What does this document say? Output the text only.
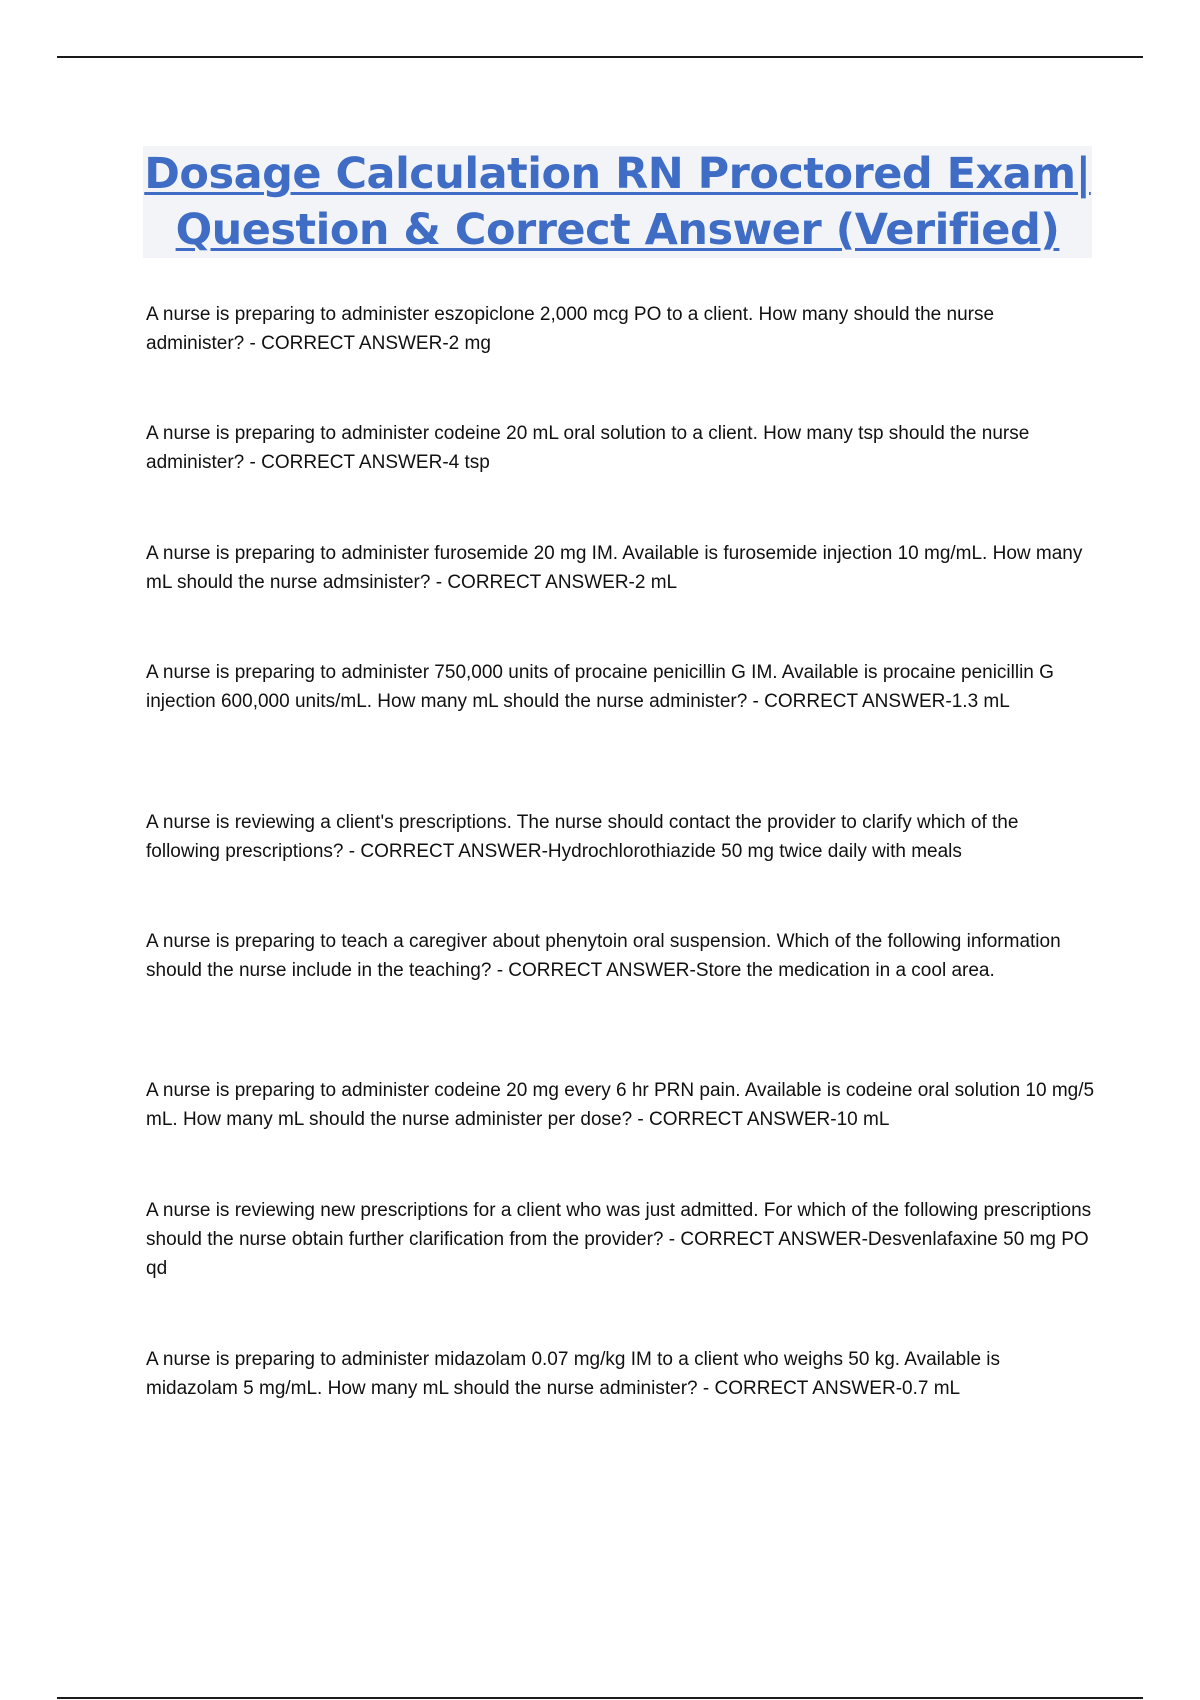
Dosage Calculation RN Proctored Exam|
Question & Correct Answer (Verified)

A nurse is preparing to administer eszopiclone 2,000 mcg PO to a client. How many should the nurse administer? - CORRECT ANSWER-2 mg

A nurse is preparing to administer codeine 20 mL oral solution to a client. How many tsp should the nurse administer? - CORRECT ANSWER-4 tsp

A nurse is preparing to administer furosemide 20 mg IM. Available is furosemide injection 10 mg/mL. How many mL should the nurse admsinister? - CORRECT ANSWER-2 mL

A nurse is preparing to administer 750,000 units of procaine penicillin G IM. Available is procaine penicillin G injection 600,000 units/mL. How many mL should the nurse administer? - CORRECT ANSWER-1.3 mL

A nurse is reviewing a client's prescriptions. The nurse should contact the provider to clarify which of the following prescriptions? - CORRECT ANSWER-Hydrochlorothiazide 50 mg twice daily with meals

A nurse is preparing to teach a caregiver about phenytoin oral suspension. Which of the following information should the nurse include in the teaching? - CORRECT ANSWER-Store the medication in a cool area.

A nurse is preparing to administer codeine 20 mg every 6 hr PRN pain. Available is codeine oral solution 10 mg/5 mL. How many mL should the nurse administer per dose? - CORRECT ANSWER-10 mL

A nurse is reviewing new prescriptions for a client who was just admitted. For which of the following prescriptions should the nurse obtain further clarification from the provider? - CORRECT ANSWER-Desvenlafaxine 50 mg PO qd

A nurse is preparing to administer midazolam 0.07 mg/kg IM to a client who weighs 50 kg. Available is midazolam 5 mg/mL. How many mL should the nurse administer? - CORRECT ANSWER-0.7 mL
